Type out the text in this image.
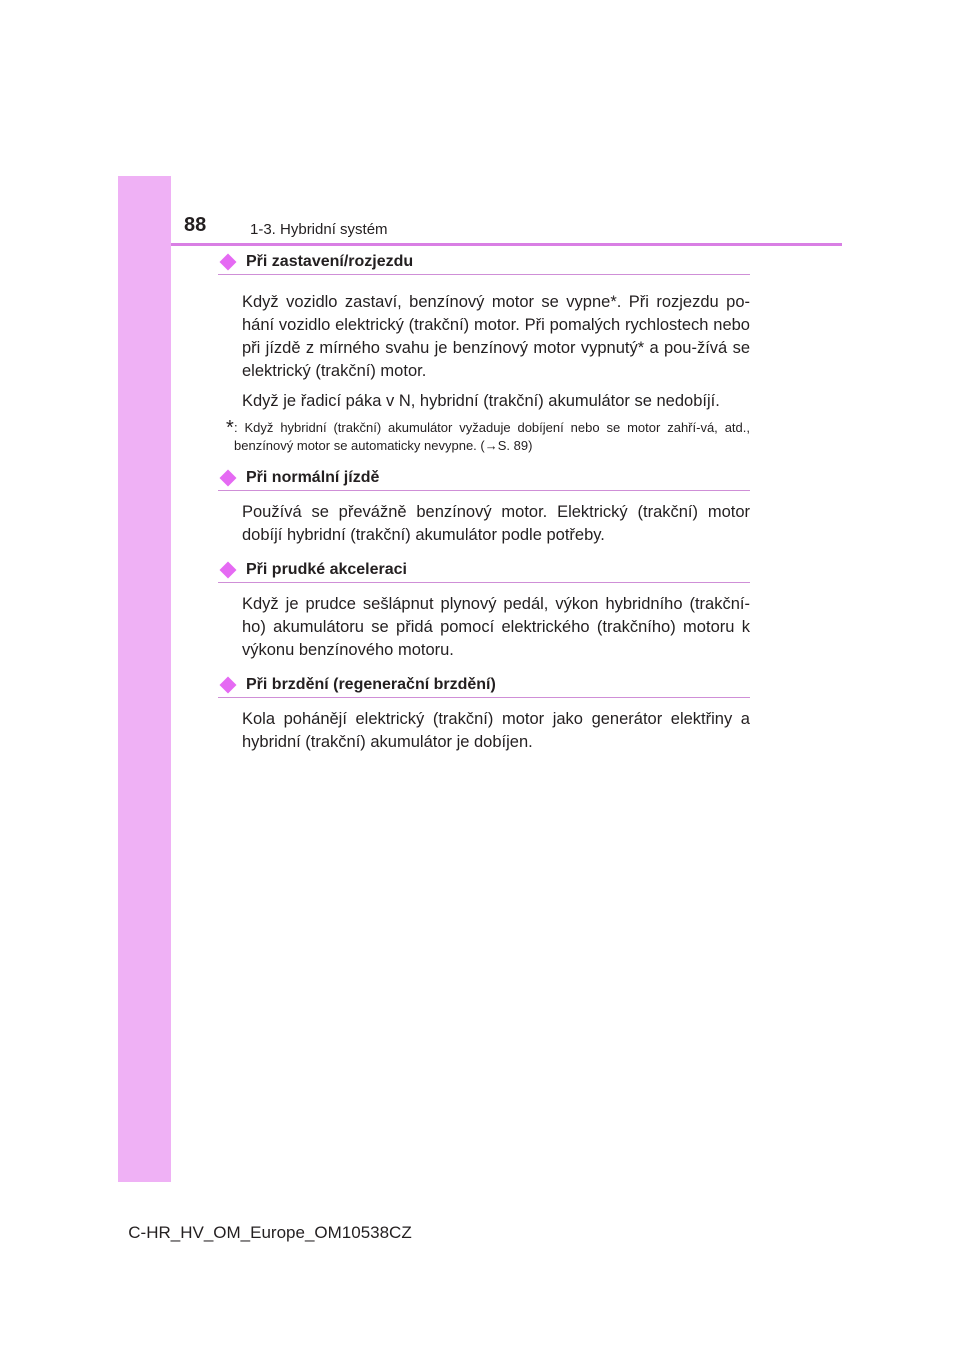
88	1-3. Hybridní systém
Při zastavení/rozjezdu

Když vozidlo zastaví, benzínový motor se vypne*. Při rozjezdu po-hání vozidlo elektrický (trakční) motor. Při pomalých rychlostech nebo při jízdě z mírného svahu je benzínový motor vypnutý* a pou-žívá se elektrický (trakční) motor.

Když je řadicí páka v N, hybridní (trakční) akumulátor se nedobíjí.

* : Když hybridní (trakční) akumulátor vyžaduje dobíjení nebo se motor zahří-vá, atd., benzínový motor se automaticky nevypne. (→S. 89)
Při normální jízdě

Používá se převážně benzínový motor. Elektrický (trakční) motor dobíjí hybridní (trakční) akumulátor podle potřeby.

Při prudké akceleraci

Když je prudce sešlápnut plynový pedál, výkon hybridního (trakční-ho) akumulátoru se přidá pomocí elektrického (trakčního) motoru k výkonu benzínového motoru.

Při brzdění (regenerační brzdění)

Kola pohánějí elektrický (trakční) motor jako generátor elektřiny a hybridní (trakční) akumulátor je dobíjen.

C-HR_HV_OM_Europe_OM10538CZ
